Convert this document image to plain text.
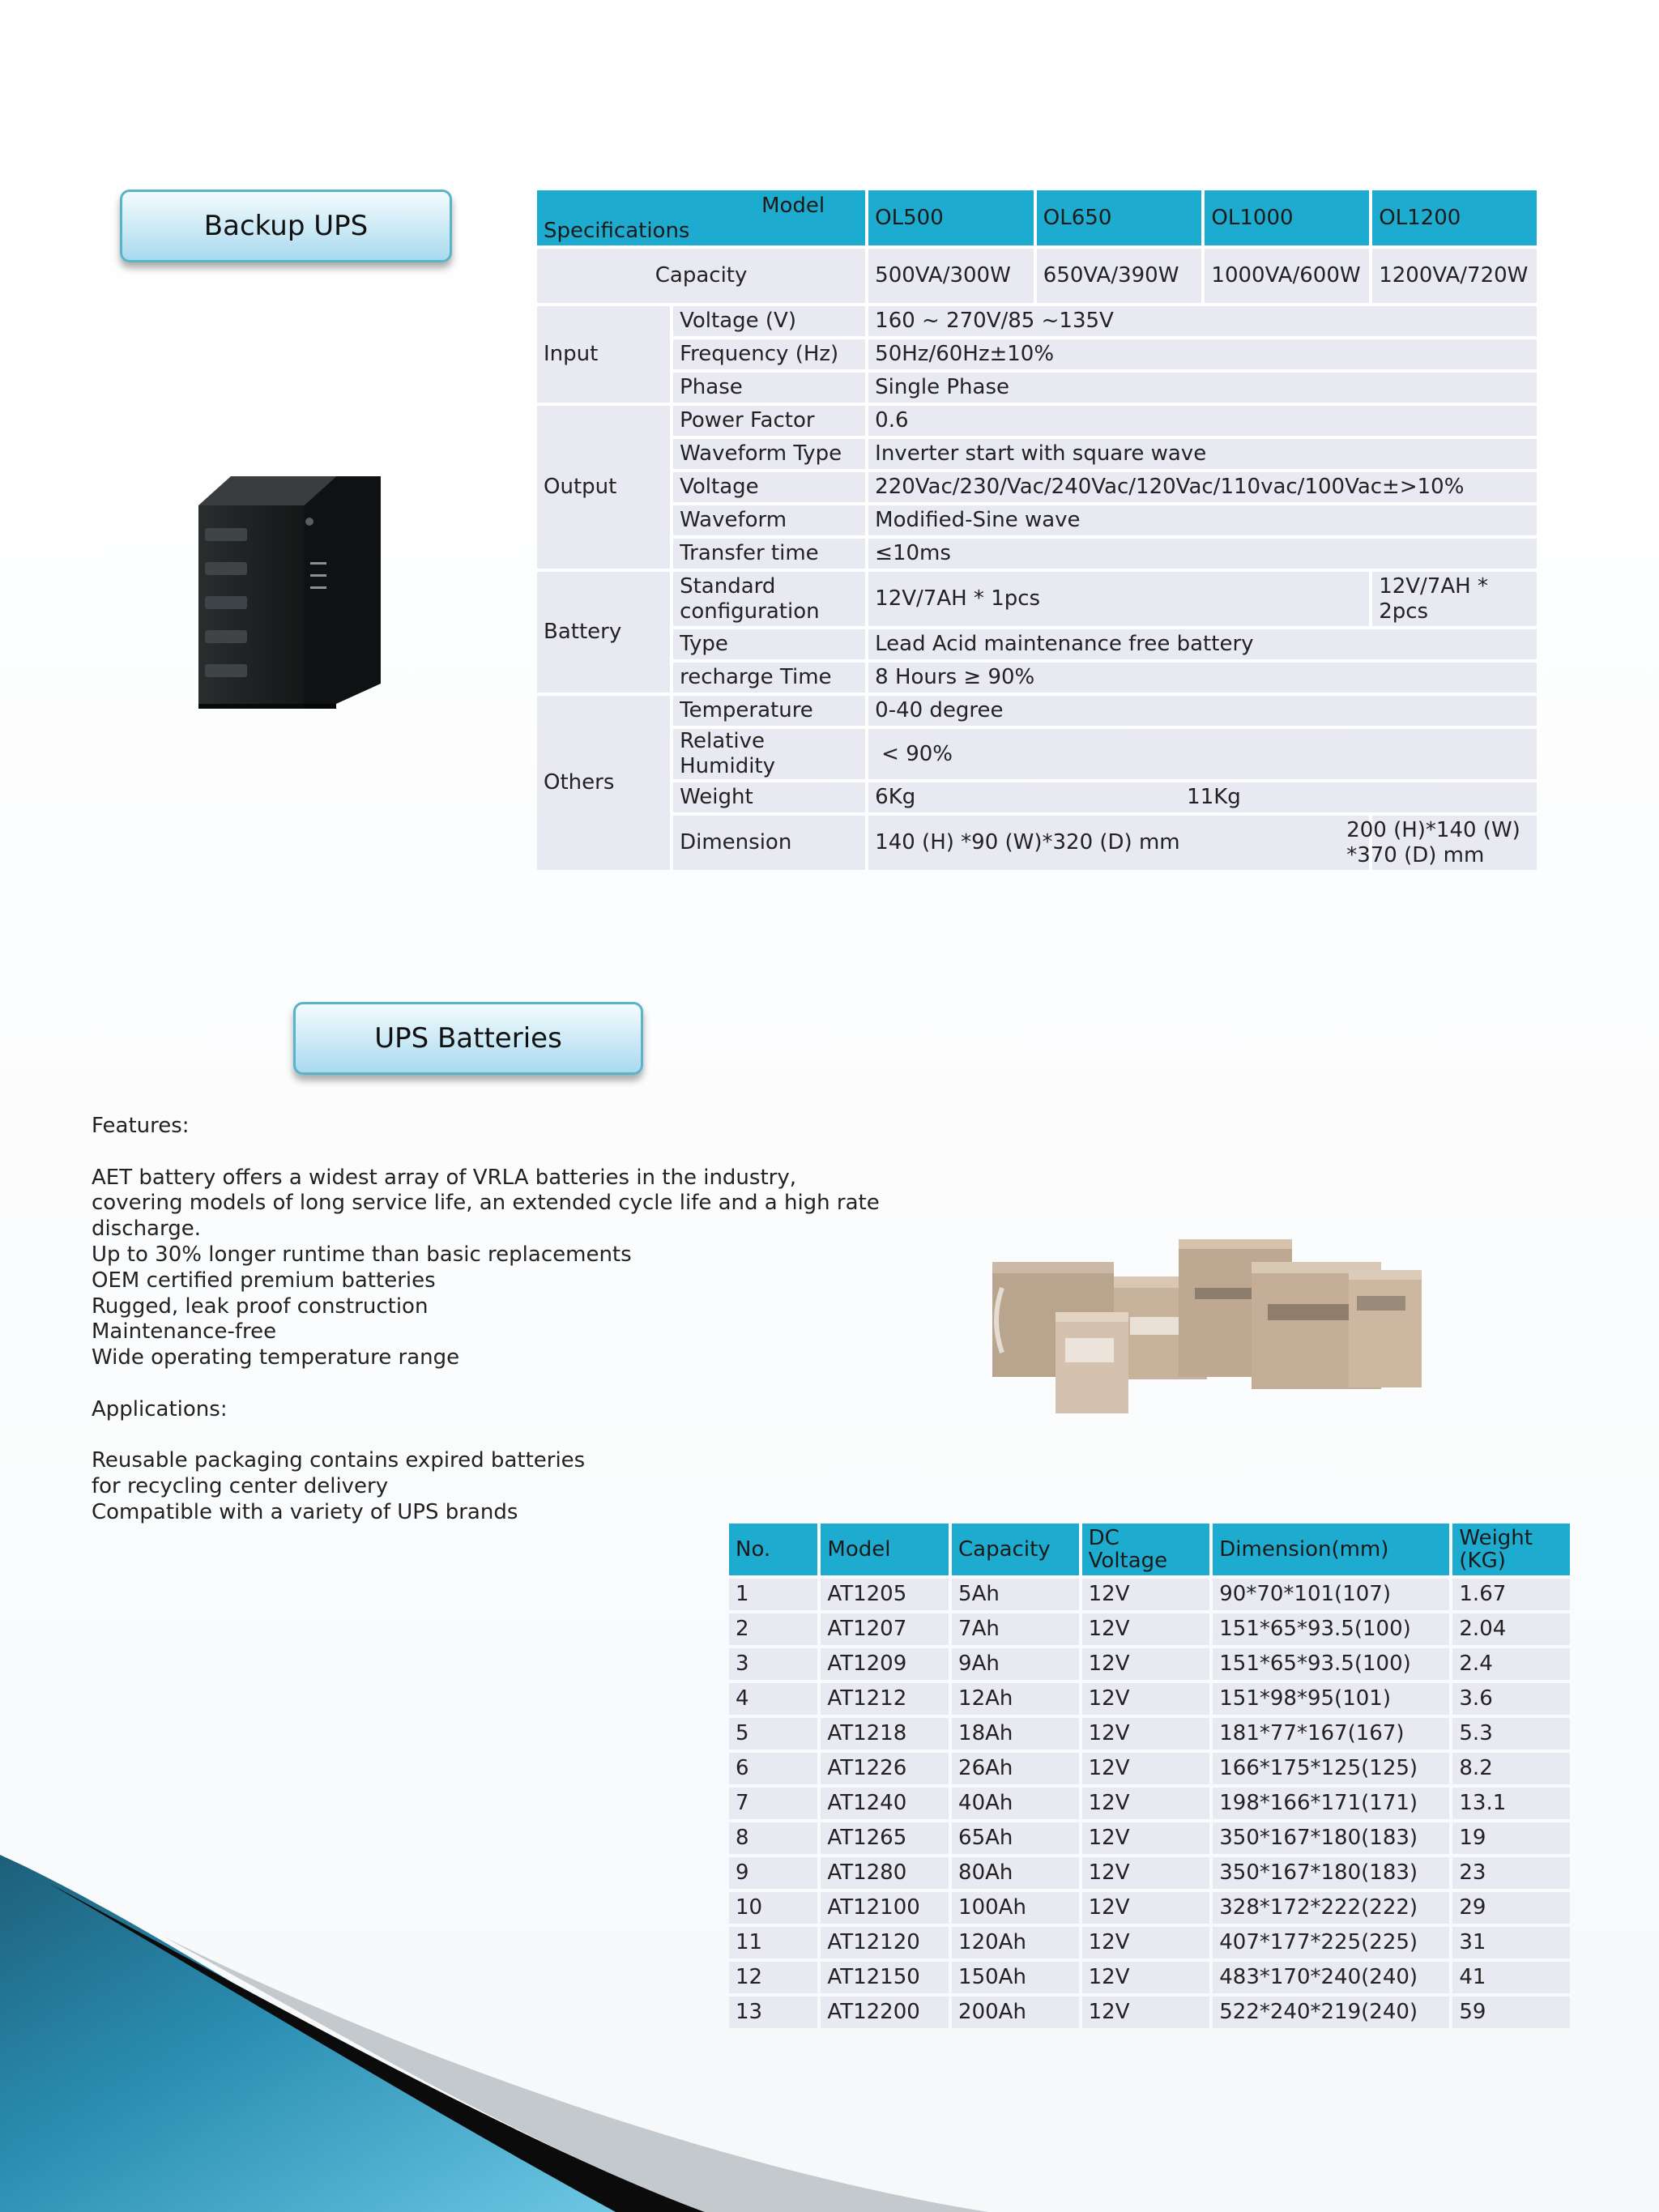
Backup UPS
Model
Specifications		OL500	OL650	OL1000	OL1200
Capacity		500VA/300W	650VA/390W	1000VA/600W	1200VA/720W
Input	Voltage (V)	160 ~ 270V/85 ~135V			
	Frequency (Hz)	50Hz/60Hz±10%			
	Phase	Single Phase			
Output	Power Factor	0.6			
	Waveform Type	Inverter start with square wave			
	Voltage	220Vac/230/Vac/240Vac/120Vac/110vac/100Vac±>10%			
	Waveform	Modified-Sine wave			
	Transfer time	≤10ms			
Battery	Standard configuration	12V/7AH * 1pcs			12V/7AH * 2pcs
	Type	Lead Acid maintenance free battery			
	recharge Time	8 Hours ≥ 90%			
Others	Temperature	0-40 degree			
	Relative Humidity	< 90%			
	Weight	6Kg 11Kg			
	Dimension	140 (H) *90 (W)*320 (D) mm			200 (H)*140 (W) *370 (D) mm
UPS Batteries
Features:

AET battery offers a widest array of VRLA batteries in the industry,
covering models of long service life, an extended cycle life and a high rate
discharge.
Up to 30% longer runtime than basic replacements
OEM certified premium batteries
Rugged, leak proof construction
Maintenance-free
Wide operating temperature range

Applications:

Reusable packaging contains expired batteries
for recycling center delivery
Compatible with a variety of UPS brands
No.	Model	Capacity	DC Voltage	Dimension(mm)	Weight (KG)
1	AT1205	5Ah	12V	90*70*101(107)	1.67
2	AT1207	7Ah	12V	151*65*93.5(100)	2.04
3	AT1209	9Ah	12V	151*65*93.5(100)	2.4
4	AT1212	12Ah	12V	151*98*95(101)	3.6
5	AT1218	18Ah	12V	181*77*167(167)	5.3
6	AT1226	26Ah	12V	166*175*125(125)	8.2
7	AT1240	40Ah	12V	198*166*171(171)	13.1
8	AT1265	65Ah	12V	350*167*180(183)	19
9	AT1280	80Ah	12V	350*167*180(183)	23
10	AT12100	100Ah	12V	328*172*222(222)	29
11	AT12120	120Ah	12V	407*177*225(225)	31
12	AT12150	150Ah	12V	483*170*240(240)	41
13	AT12200	200Ah	12V	522*240*219(240)	59
